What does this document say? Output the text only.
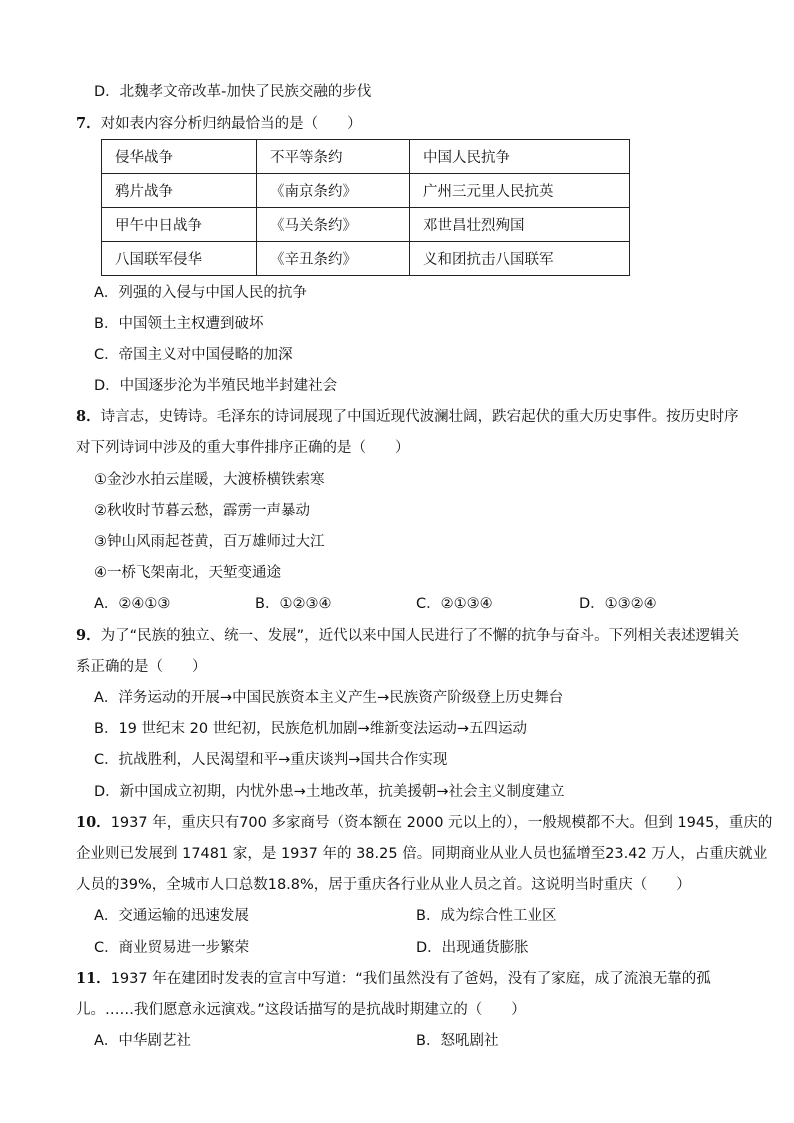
D．北魏孝文帝改革-加快了民族交融的步伐
7．对如表内容分析归纳最恰当的是（　　）
侵华战争	不平等条约	中国人民抗争
鸦片战争	《南京条约》	广州三元里人民抗英
甲午中日战争	《马关条约》	邓世昌壮烈殉国
八国联军侵华	《辛丑条约》	义和团抗击八国联军
A．列强的入侵与中国人民的抗争
B．中国领土主权遭到破坏
C．帝国主义对中国侵略的加深
D．中国逐步沦为半殖民地半封建社会
8．诗言志，史铸诗。毛泽东的诗词展现了中国近现代波澜壮阔，跌宕起伏的重大历史事件。按历史时序
对下列诗词中涉及的重大事件排序正确的是（　　）
①金沙水拍云崖暖，大渡桥横铁索寒
②秋收时节暮云愁，霹雳一声暴动
③钟山风雨起苍黄，百万雄师过大江
④一桥飞架南北，天堑变通途
A．②④①③	B．①②③④	C．②①③④	D．①③②④
9．为了“民族的独立、统一、发展”，近代以来中国人民进行了不懈的抗争与奋斗。下列相关表述逻辑关
系正确的是（　　）
A．洋务运动的开展→中国民族资本主义产生→民族资产阶级登上历史舞台
B．19 世纪末 20 世纪初，民族危机加剧→维新变法运动→五四运动
C．抗战胜利，人民渴望和平→重庆谈判→国共合作实现
D．新中国成立初期，内忧外患→土地改革，抗美援朝→社会主义制度建立
10．1937 年，重庆只有700 多家商号（资本额在 2000 元以上的），一般规模都不大。但到 1945，重庆的
企业则已发展到 17481 家，是 1937 年的 38.25 倍。同期商业从业人员也猛增至23.42 万人，占重庆就业
人员的39%，全城市人口总数18.8%，居于重庆各行业从业人员之首。这说明当时重庆（　　）
A．交通运输的迅速发展	B．成为综合性工业区
C．商业贸易进一步繁荣	D．出现通货膨胀
11．1937 年在建团时发表的宣言中写道：“我们虽然没有了爸妈，没有了家庭，成了流浪无靠的孤
儿。……我们愿意永远演戏。”这段话描写的是抗战时期建立的（　　）
A．中华剧艺社	B．怒吼剧社
